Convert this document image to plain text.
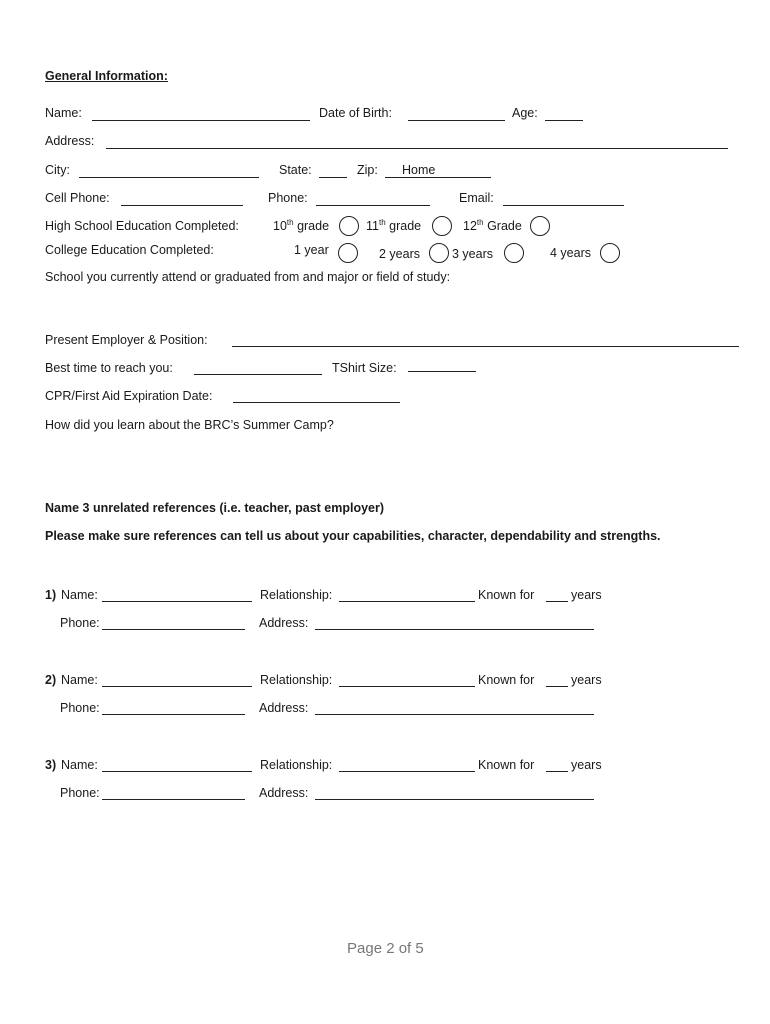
General Information:
Name:	Date of Birth:	Age:
Address:
City:	State:	Zip: Home
Cell Phone:	Phone:	Email:
High School Education Completed:	10th grade	11th grade	12th Grade
College Education Completed:	1 year	2 years	3 years	4 years
School you currently attend or graduated from and major or field of study:
Present Employer & Position:
Best time to reach you:	TShirt Size:
CPR/First Aid Expiration Date:
How did you learn about the BRC’s Summer Camp?
Name 3 unrelated references (i.e. teacher, past employer)
Please make sure references can tell us about your capabilities, character, dependability and strengths.
1) Name:	Relationship:	Known for	years
Phone:	Address:
2) Name:	Relationship:	Known for	years
Phone:	Address:
3) Name:	Relationship:	Known for	years
Phone:	Address:
Page 2 of 5
